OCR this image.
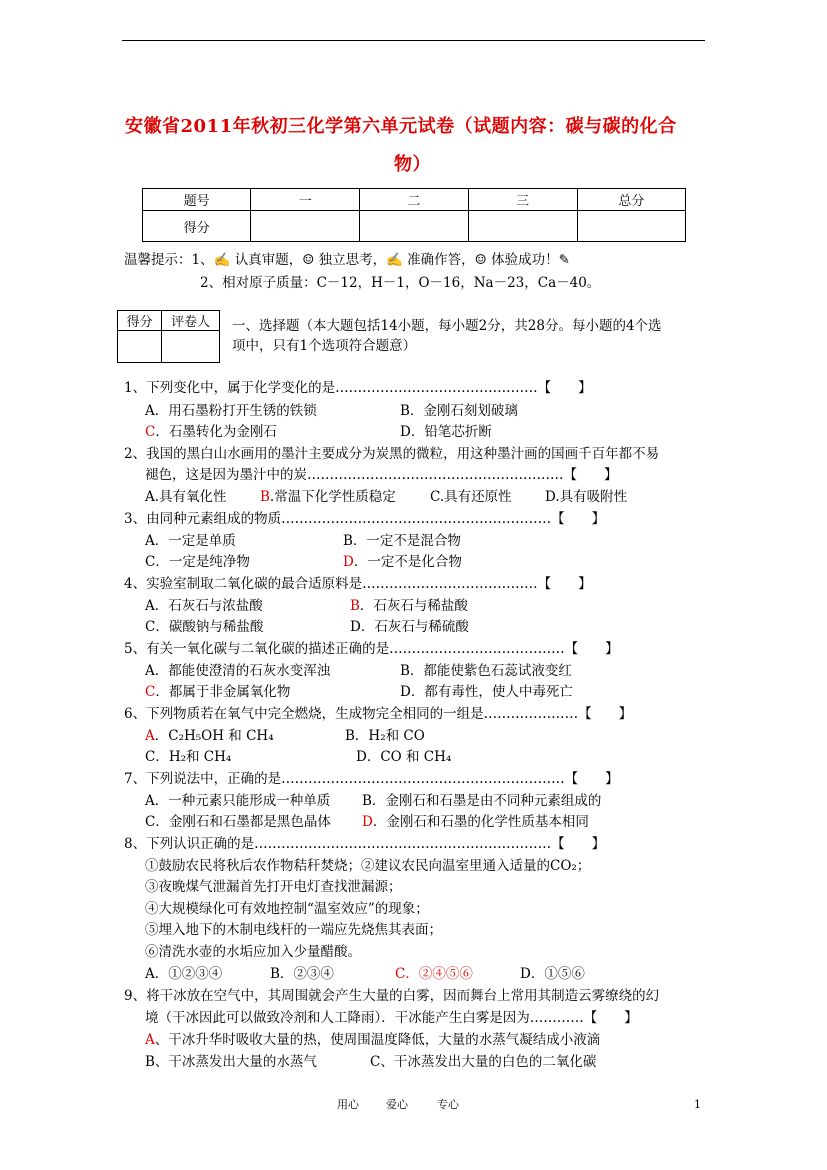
安徽省2011年秋初三化学第六单元试卷（试题内容：碳与碳的化合
物）
题号	一	二	三	总分
得分				
温馨提示：1、✍ 认真审题，☺ 独立思考，✍ 准确作答，☺ 体验成功！✎
2、相对原子质量：C－12，H－1，O－16，Na－23，Ca－40。
得分	评卷人
	一、选择题（本大题包括14小题，每小题2分，共28分。每小题的4个选
项中，只有1个选项符合题意）
1、下列变化中，属于化学变化的是………………………………………【　　】
A．用石墨粉打开生锈的铁锁	B．金刚石刻划破璃
C．石墨转化为金刚石	D．铅笔芯折断
2、我国的黑白山水画用的墨汁主要成分为炭黑的微粒，用这种墨汁画的国画千百年都不易
褪色，这是因为墨汁中的炭…………………………………………………【　　】
A.具有氧化性 B.常温下化学性质稳定	C.具有还原性 D.具有吸附性
3、由同种元素组成的物质……………………………………………………【　　】
A．一定是单质	B．一定不是混合物
C．一定是纯净物	D．一定不是化合物
4、实验室制取二氧化碳的最合适原料是…………………………………【　　】
A．石灰石与浓盐酸	B．石灰石与稀盐酸
C．碳酸钠与稀盐酸	D．石灰石与稀硫酸
5、有关一氧化碳与二氧化碳的描述正确的是…………………………………【　　】
A．都能使澄清的石灰水变浑浊	B．都能使紫色石蕊试液变红
C．都属于非金属氧化物	D．都有毒性，使人中毒死亡
6、下列物质若在氧气中完全燃烧，生成物完全相同的一组是…………………【　　】
A．C₂H₅OH 和 CH₄	B．H₂和 CO
C．H₂和 CH₄	D．CO 和 CH₄
7、下列说法中，正确的是………………………………………………………【　　】
A．一种元素只能形成一种单质 B．金刚石和石墨是由不同种元素组成的
C．金刚石和石墨都是黑色晶体 D．金刚石和石墨的化学性质基本相同
8、下列认识正确的是…………………………………………………………【　　】
①鼓励农民将秋后农作物秸秆焚烧；②建议农民向温室里通入适量的CO₂；
③夜晚煤气泄漏首先打开电灯查找泄漏源；
④大规模绿化可有效地控制“温室效应”的现象；
⑤埋入地下的木制电线杆的一端应先烧焦其表面；
⑥清洗水壶的水垢应加入少量醋酸。
A．①②③④	B．②③④	C．②④⑤⑥	D．①⑤⑥
9、将干冰放在空气中，其周围就会产生大量的白雾，因而舞台上常用其制造云雾缭绕的幻
境（干冰因此可以做致冷剂和人工降雨）．干冰能产生白雾是因为…………【　　】
A、干冰升华时吸收大量的热，使周围温度降低，大量的水蒸气凝结成小液滴
B、干冰蒸发出大量的水蒸气	C、干冰蒸发出大量的白色的二氧化碳
用心 爱心	专心	1
